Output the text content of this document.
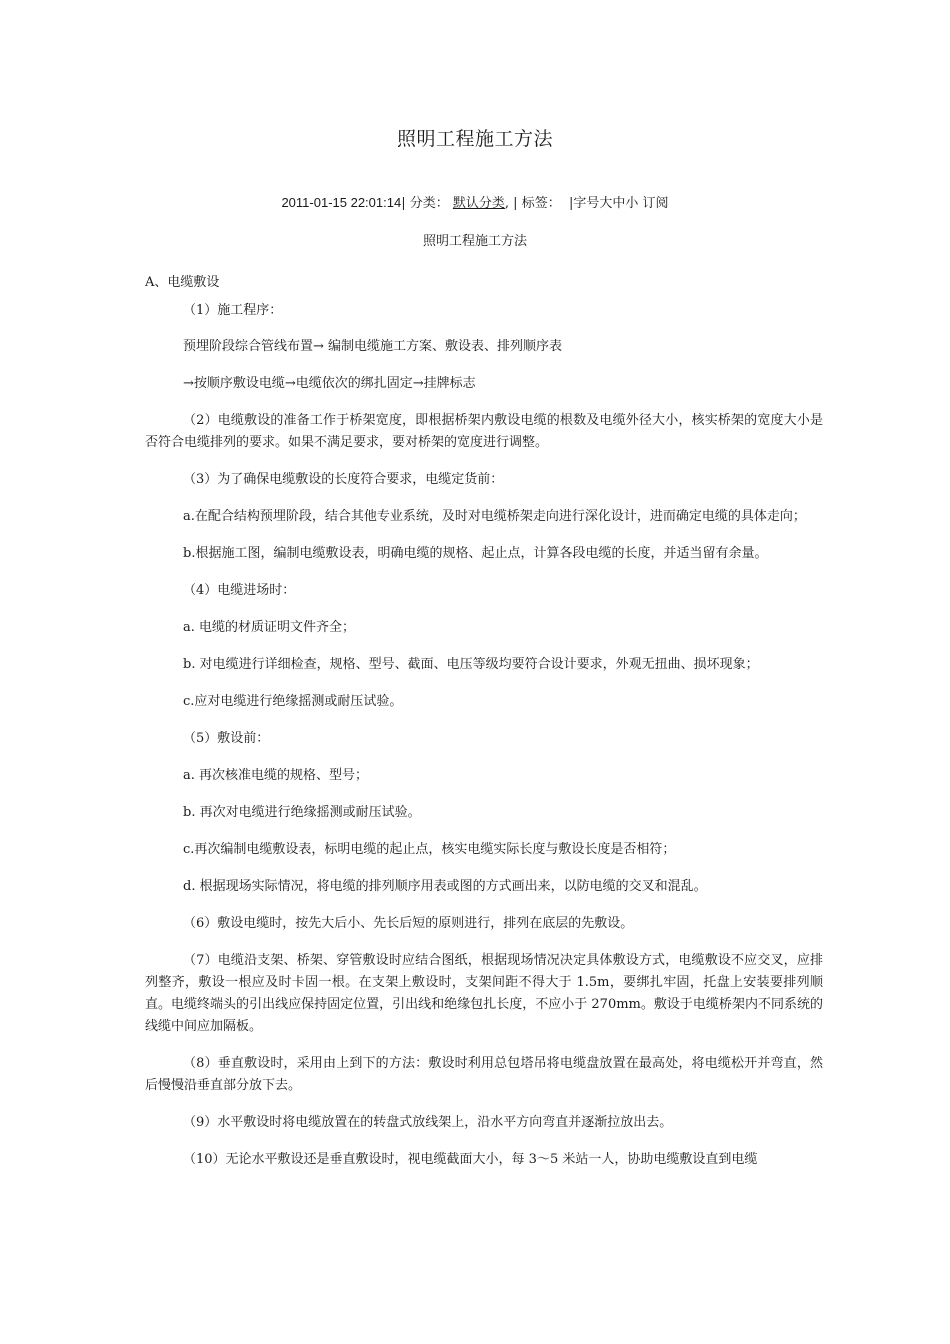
照明工程施工方法
2011-01-15 22:01:14| 分类： 默认分类, | 标签： |字号大中小 订阅
照明工程施工方法

A、电缆敷设

（1）施工程序：

预埋阶段综合管线布置→ 编制电缆施工方案、敷设表、排列顺序表

→按顺序敷设电缆→电缆依次的绑扎固定→挂牌标志

（2）电缆敷设的准备工作于桥架宽度，即根据桥架内敷设电缆的根数及电缆外径大小，核实桥架的宽度大小是否符合电缆排列的要求。如果不满足要求，要对桥架的宽度进行调整。

（3）为了确保电缆敷设的长度符合要求，电缆定货前：

a.在配合结构预埋阶段，结合其他专业系统，及时对电缆桥架走向进行深化设计，进而确定电缆的具体走向；

b.根据施工图，编制电缆敷设表，明确电缆的规格、起止点，计算各段电缆的长度，并适当留有余量。

（4）电缆进场时：

a. 电缆的材质证明文件齐全；

b. 对电缆进行详细检查，规格、型号、截面、电压等级均要符合设计要求，外观无扭曲、损坏现象；

c.应对电缆进行绝缘摇测或耐压试验。

（5）敷设前：

a. 再次核准电缆的规格、型号；

b. 再次对电缆进行绝缘摇测或耐压试验。

c.再次编制电缆敷设表，标明电缆的起止点，核实电缆实际长度与敷设长度是否相符；

d. 根据现场实际情况，将电缆的排列顺序用表或图的方式画出来，以防电缆的交叉和混乱。

（6）敷设电缆时，按先大后小、先长后短的原则进行，排列在底层的先敷设。

（7）电缆沿支架、桥架、穿管敷设时应结合图纸，根据现场情况决定具体敷设方式，电缆敷设不应交叉，应排列整齐，敷设一根应及时卡固一根。在支架上敷设时，支架间距不得大于 1.5m，要绑扎牢固，托盘上安装要排列顺直。电缆终端头的引出线应保持固定位置，引出线和绝缘包扎长度，不应小于 270mm。敷设于电缆桥架内不同系统的线缆中间应加隔板。

（8）垂直敷设时，采用由上到下的方法：敷设时利用总包塔吊将电缆盘放置在最高处，将电缆松开并弯直，然后慢慢沿垂直部分放下去。

（9）水平敷设时将电缆放置在的转盘式放线架上，沿水平方向弯直并逐渐拉放出去。

（10）无论水平敷设还是垂直敷设时，视电缆截面大小，每 3～5 米站一人，协助电缆敷设直到电缆
